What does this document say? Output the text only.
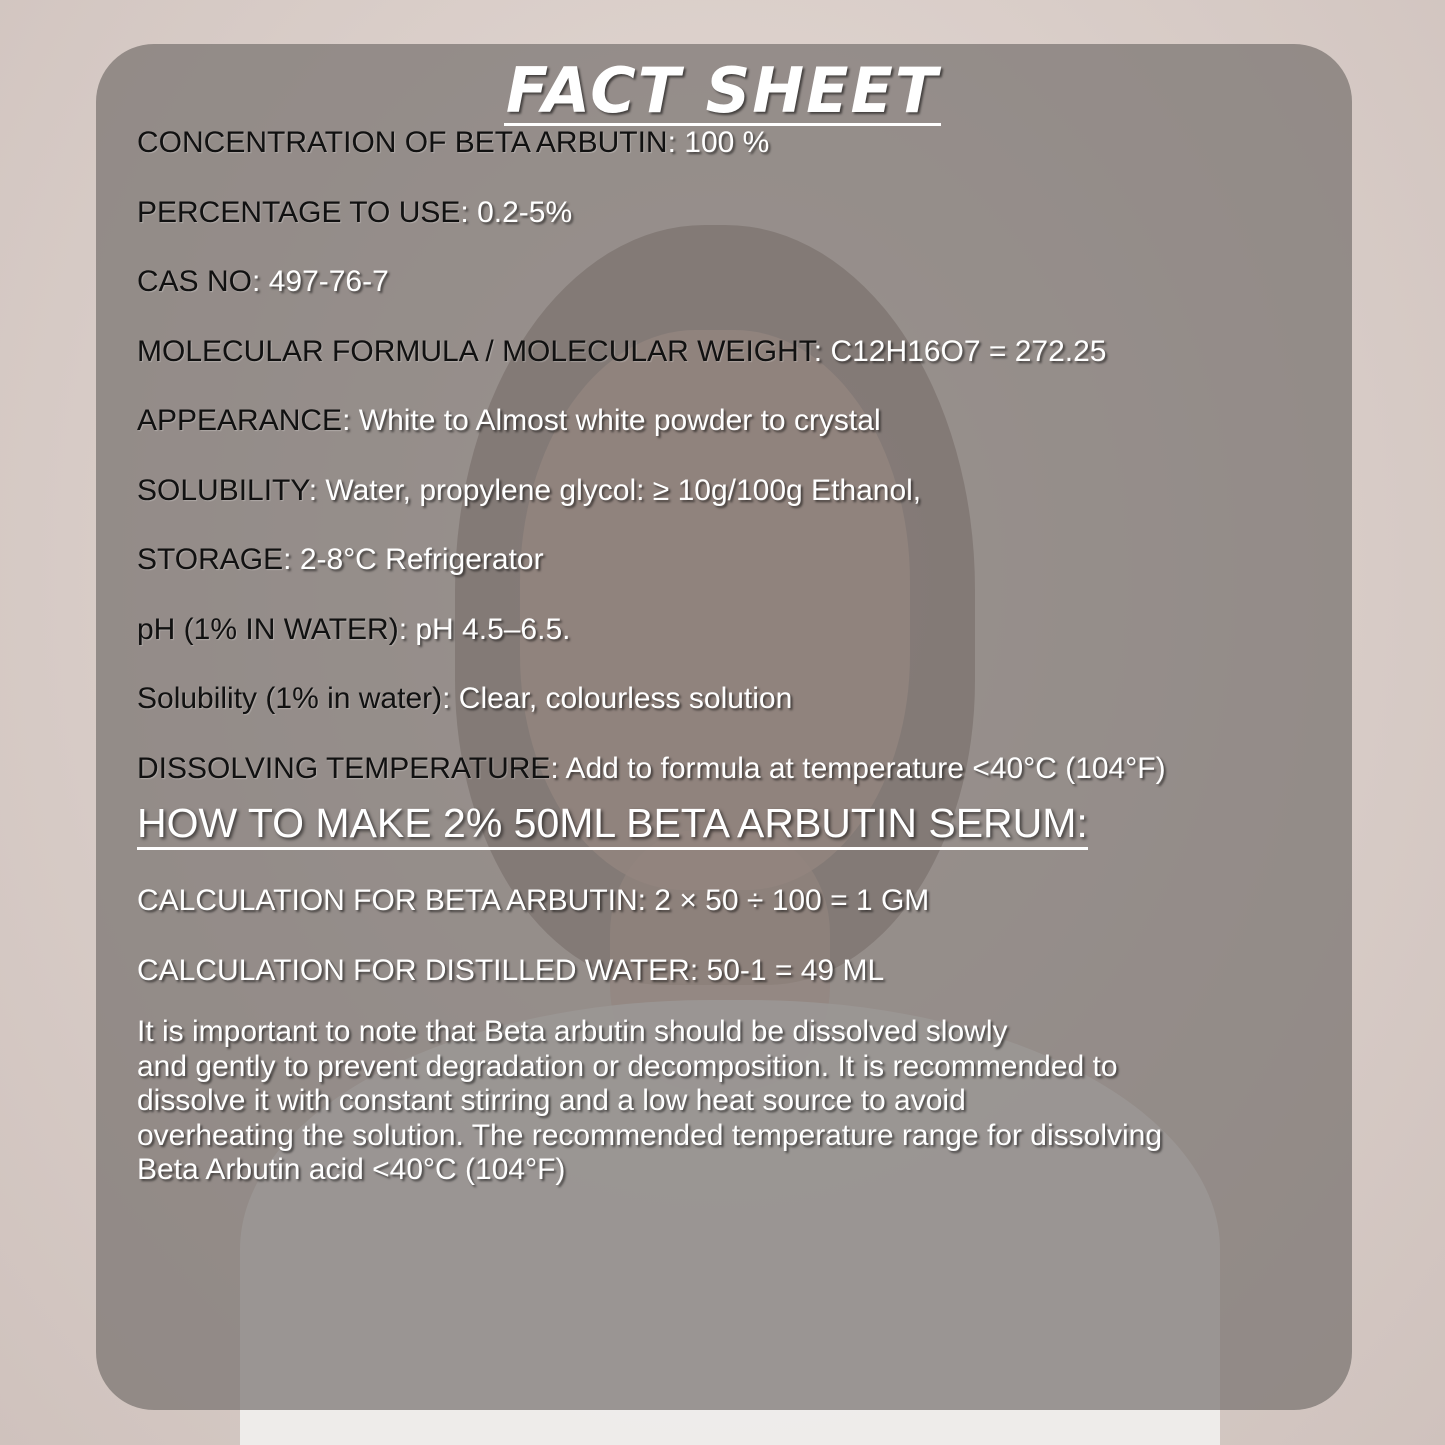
FACT SHEET
CONCENTRATION OF BETA ARBUTIN: 100 %
PERCENTAGE TO USE: 0.2-5%
CAS NO: 497-76-7
MOLECULAR FORMULA / MOLECULAR WEIGHT: C12H16O7 = 272.25
APPEARANCE: White to Almost white powder to crystal
SOLUBILITY: Water, propylene glycol: ≥ 10g/100g Ethanol,
STORAGE: 2-8°C Refrigerator
pH (1% IN WATER): pH 4.5–6.5.
Solubility (1% in water): Clear, colourless solution
DISSOLVING TEMPERATURE: Add to formula at temperature <40°C (104°F)
HOW TO MAKE 2% 50ML BETA ARBUTIN SERUM:
CALCULATION FOR BETA ARBUTIN: 2 × 50 ÷ 100 = 1 GM
CALCULATION FOR DISTILLED WATER: 50-1 = 49 ML
It is important to note that Beta arbutin should be dissolved slowly
and gently to prevent degradation or decomposition. It is recommended to
dissolve it with constant stirring and a low heat source to avoid
overheating the solution. The recommended temperature range for dissolving
Beta Arbutin acid <40°C (104°F)
